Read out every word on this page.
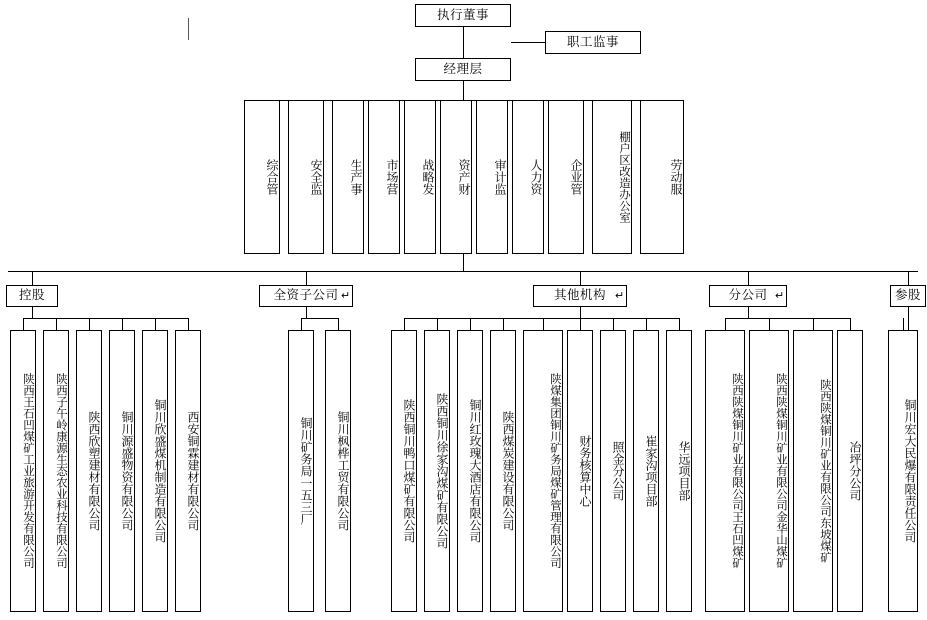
执行董事
职工监事
经理层
综合管	安全监	生产事	市场营	战略发	资产财	审计监	人力资	企业管	棚户区改造办公室	劳动服
控股	全资子公司 ↵	其他机构 ↵	分公司 ↵	参股
陕西王石凹煤矿工业旅游开发有限公司	陕西子午岭康源生态农业科技有限公司	陕西欣塑建材有限公司	铜川源盛物资有限公司	铜川欣盛煤机制造有限公司	西安铜霖建材有限公司	铜川矿务局一五三厂	铜川枫桦工贸有限公司	陕西铜川鸭口煤矿有限公司	陕西铜川徐家沟煤矿有限公司	铜川红玫瑰大酒店有限公司	陕西煤炭建设有限公司	陕煤集团铜川矿务局煤矿管理有限公司	财务核算中心	照金分公司	崔家沟项目部	华远项目部	陕西陕煤铜川矿业有限公司王石凹煤矿	陕西陕煤铜川矿业有限公司金华山煤矿	陕西陕煤铜川矿业有限公司东坡煤矿	冶坪分公司	铜川宏大民爆有限责任公司
